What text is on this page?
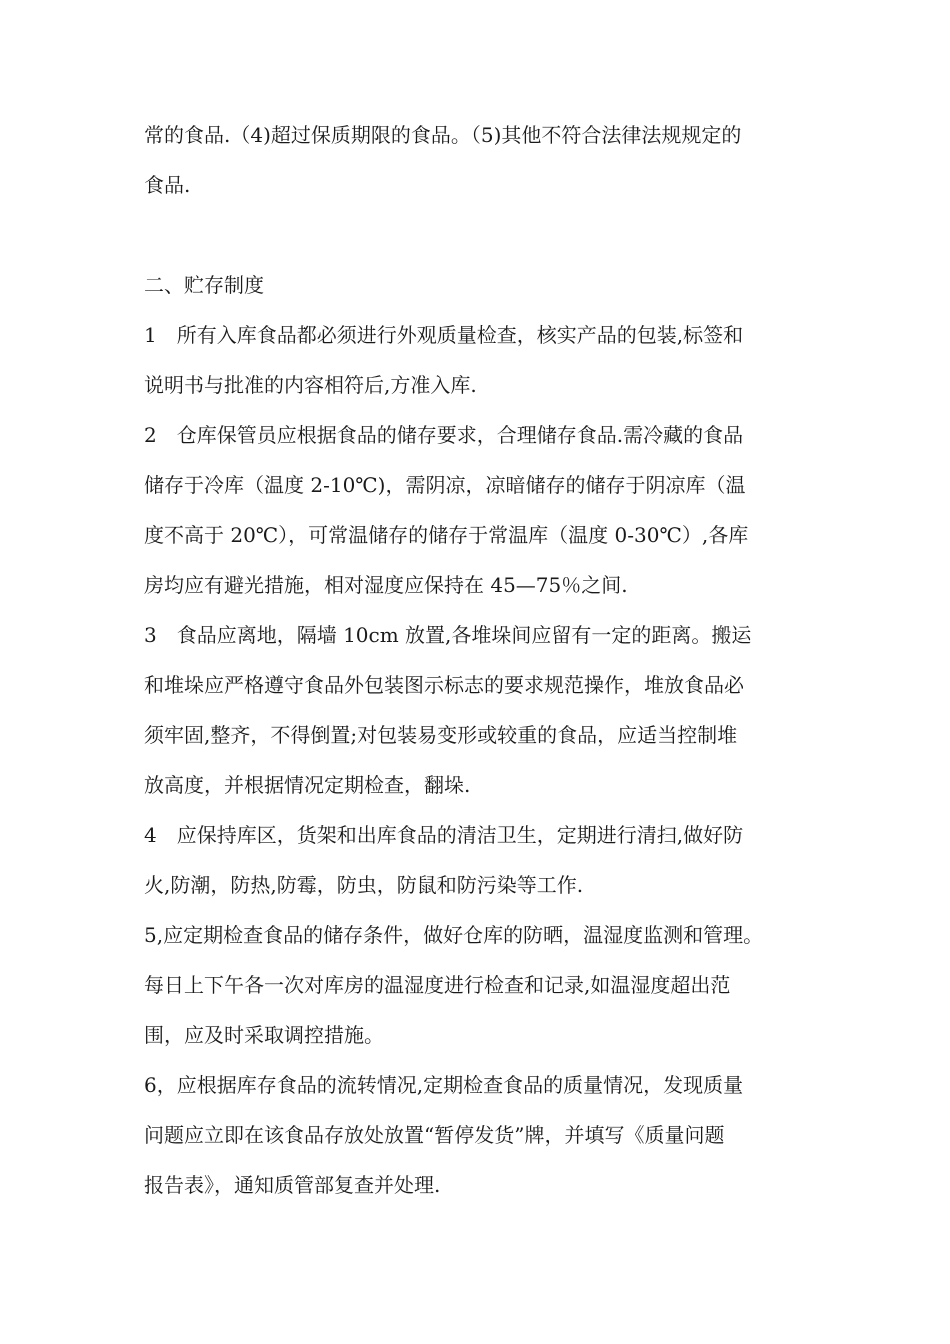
常的食品.（4)超过保质期限的食品。（5)其他不符合法律法规规定的
食品.
二、贮存制度
1　所有入库食品都必须进行外观质量检查，核实产品的包装,标签和
说明书与批准的内容相符后,方准入库.
2　仓库保管员应根据食品的储存要求，合理储存食品.需冷藏的食品
储存于冷库（温度 2-10℃)，需阴凉，凉暗储存的储存于阴凉库（温
度不高于 20℃），可常温储存的储存于常温库（温度 0-30℃）,各库
房均应有避光措施，相对湿度应保持在 45—75％之间.
3　食品应离地，隔墙 10cm 放置,各堆垛间应留有一定的距离。搬运
和堆垛应严格遵守食品外包装图示标志的要求规范操作，堆放食品必
须牢固,整齐，不得倒置;对包装易变形或较重的食品，应适当控制堆
放高度，并根据情况定期检查，翻垛.
4　应保持库区，货架和出库食品的清洁卫生，定期进行清扫,做好防
火,防潮，防热,防霉，防虫，防鼠和防污染等工作.
5,应定期检查食品的储存条件，做好仓库的防晒，温湿度监测和管理。
每日上下午各一次对库房的温湿度进行检查和记录,如温湿度超出范
围，应及时采取调控措施。
6，应根据库存食品的流转情况,定期检查食品的质量情况，发现质量
问题应立即在该食品存放处放置“暂停发货”牌，并填写《质量问题
报告表》，通知质管部复查并处理.
